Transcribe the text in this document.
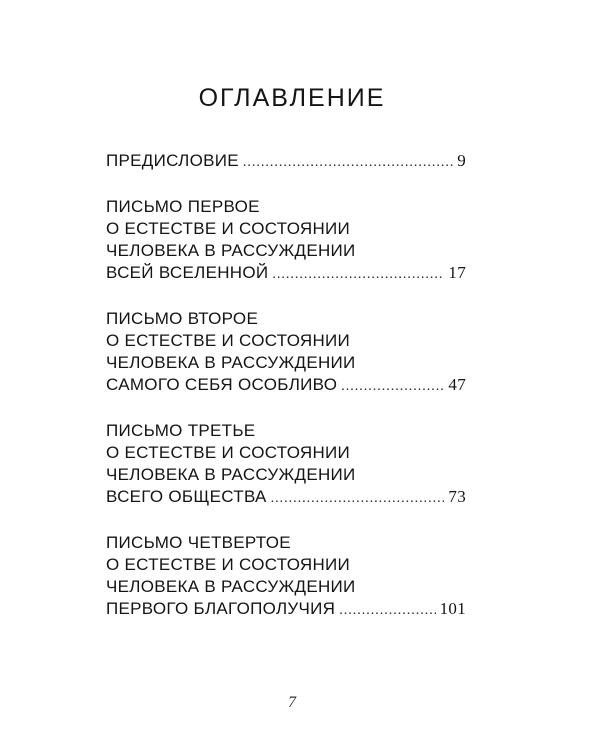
ОГЛАВЛЕНИЕ
ПРЕДИСЛОВИЕ .....	9
ПИСЬМО ПЕРВОЕ
О ЕСТЕСТВЕ И СОСТОЯНИИ
ЧЕЛОВЕКА В РАССУЖДЕНИИ
ВСЕЙ ВСЕЛЕННОЙ .....	17
ПИСЬМО ВТОРОЕ
О ЕСТЕСТВЕ И СОСТОЯНИИ
ЧЕЛОВЕКА В РАССУЖДЕНИИ
САМОГО СЕБЯ ОСОБЛИВО .....	47
ПИСЬМО ТРЕТЬЕ
О ЕСТЕСТВЕ И СОСТОЯНИИ
ЧЕЛОВЕКА В РАССУЖДЕНИИ
ВСЕГО ОБЩЕСТВА .....	73
ПИСЬМО ЧЕТВЕРТОЕ
О ЕСТЕСТВЕ И СОСТОЯНИИ
ЧЕЛОВЕКА В РАССУЖДЕНИИ
ПЕРВОГО БЛАГОПОЛУЧИЯ .....	101
7
